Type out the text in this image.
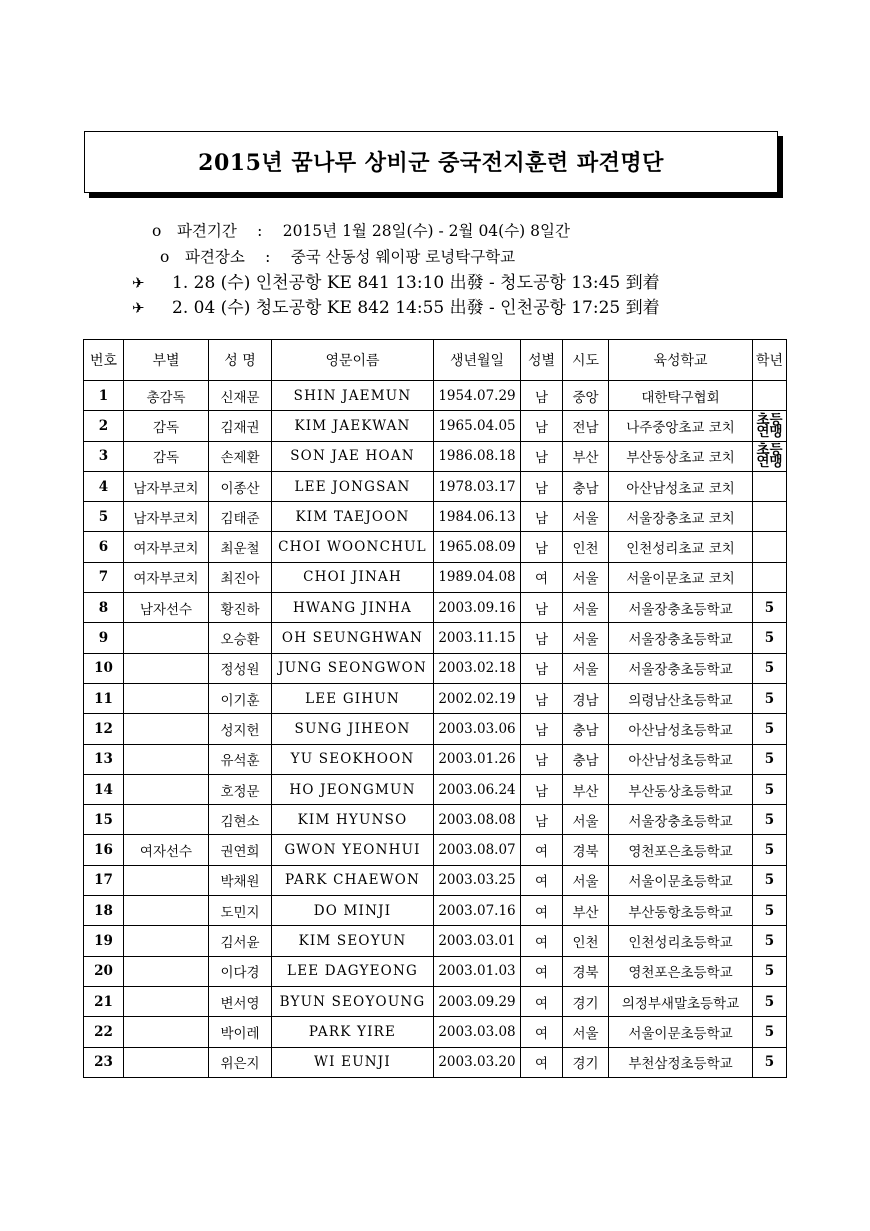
2015년 꿈나무 상비군 중국전지훈련 파견명단
o 파견기간 : 2015년 1월 28일(수) - 2월 04(수) 8일간
o 파견장소 : 중국 산동성 웨이팡 로녕탁구학교
✈ 1. 28 (수) 인천공항 KE 841 13:10 出發 - 청도공항 13:45 到着
✈ 2. 04 (수) 청도공항 KE 842 14:55 出發 - 인천공항 17:25 到着
번호	부별	성 명	영문이름	생년월일	성별	시도	육성학교	학년
1	총감독	신재문	SHIN JAEMUN	1954.07.29	남	중앙	대한탁구협회	
2	감독	김재권	KIM JAEKWAN	1965.04.05	남	전남	나주중앙초교 코치	초등연맹
3	감독	손제환	SON JAE HOAN	1986.08.18	남	부산	부산동상초교 코치	초등연맹
4	남자부코치	이종산	LEE JONGSAN	1978.03.17	남	충남	아산남성초교 코치	
5	남자부코치	김태준	KIM TAEJOON	1984.06.13	남	서울	서울장충초교 코치	
6	여자부코치	최운철	CHOI WOONCHUL	1965.08.09	남	인천	인천성리초교 코치	
7	여자부코치	최진아	CHOI JINAH	1989.04.08	여	서울	서울이문초교 코치	
8	남자선수	황진하	HWANG JINHA	2003.09.16	남	서울	서울장충초등학교	5
9		오승환	OH SEUNGHWAN	2003.11.15	남	서울	서울장충초등학교	5
10		정성원	JUNG SEONGWON	2003.02.18	남	서울	서울장충초등학교	5
11		이기훈	LEE GIHUN	2002.02.19	남	경남	의령남산초등학교	5
12		성지헌	SUNG JIHEON	2003.03.06	남	충남	아산남성초등학교	5
13		유석훈	YU SEOKHOON	2003.01.26	남	충남	아산남성초등학교	5
14		호정문	HO JEONGMUN	2003.06.24	남	부산	부산동상초등학교	5
15		김현소	KIM HYUNSO	2003.08.08	남	서울	서울장충초등학교	5
16	여자선수	권연희	GWON YEONHUI	2003.08.07	여	경북	영천포은초등학교	5
17		박채원	PARK CHAEWON	2003.03.25	여	서울	서울이문초등학교	5
18		도민지	DO MINJI	2003.07.16	여	부산	부산동항초등학교	5
19		김서윤	KIM SEOYUN	2003.03.01	여	인천	인천성리초등학교	5
20		이다경	LEE DAGYEONG	2003.01.03	여	경북	영천포은초등학교	5
21		변서영	BYUN SEOYOUNG	2003.09.29	여	경기	의정부새말초등학교	5
22		박이레	PARK YIRE	2003.03.08	여	서울	서울이문초등학교	5
23		위은지	WI EUNJI	2003.03.20	여	경기	부천삼정초등학교	5
